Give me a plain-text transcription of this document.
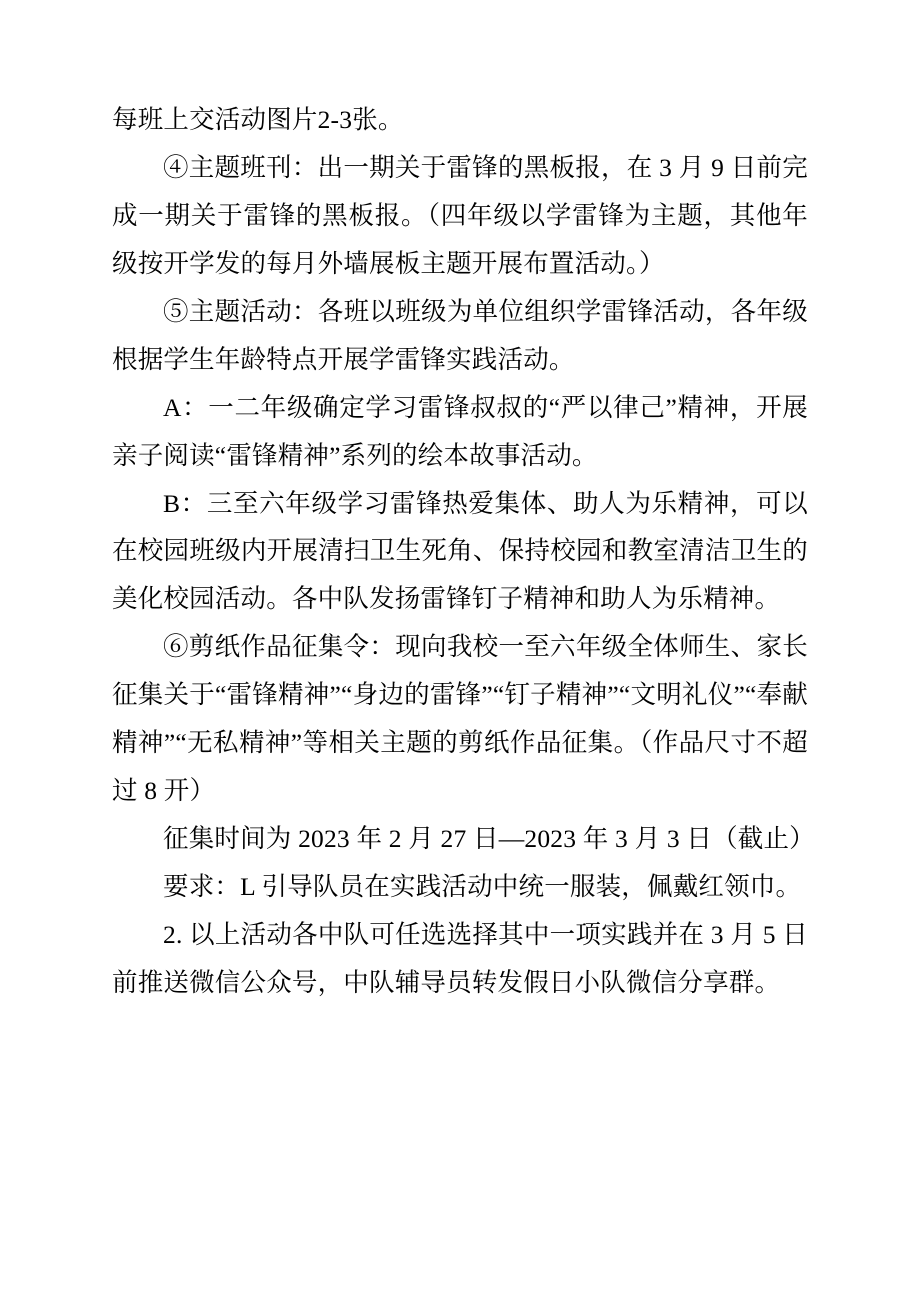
每班上交活动图片2-3张。

④主题班刊：出一期关于雷锋的黑板报，在 3 月 9 日前完成一期关于雷锋的黑板报。（四年级以学雷锋为主题，其他年级按开学发的每月外墙展板主题开展布置活动。）

⑤主题活动：各班以班级为单位组织学雷锋活动，各年级根据学生年龄特点开展学雷锋实践活动。

A：一二年级确定学习雷锋叔叔的“严以律己”精神，开展亲子阅读“雷锋精神”系列的绘本故事活动。

B：三至六年级学习雷锋热爱集体、助人为乐精神，可以在校园班级内开展清扫卫生死角、保持校园和教室清洁卫生的美化校园活动。各中队发扬雷锋钉子精神和助人为乐精神。

⑥剪纸作品征集令：现向我校一至六年级全体师生、家长征集关于“雷锋精神”“身边的雷锋”“钉子精神”“文明礼仪”“奉献精神”“无私精神”等相关主题的剪纸作品征集。（作品尺寸不超过 8 开）

征集时间为 2023 年 2 月 27 日—2023 年 3 月 3 日（截止）

要求：L 引导队员在实践活动中统一服装，佩戴红领巾。

2. 以上活动各中队可任选选择其中一项实践并在 3 月 5 日前推送微信公众号，中队辅导员转发假日小队微信分享群。
